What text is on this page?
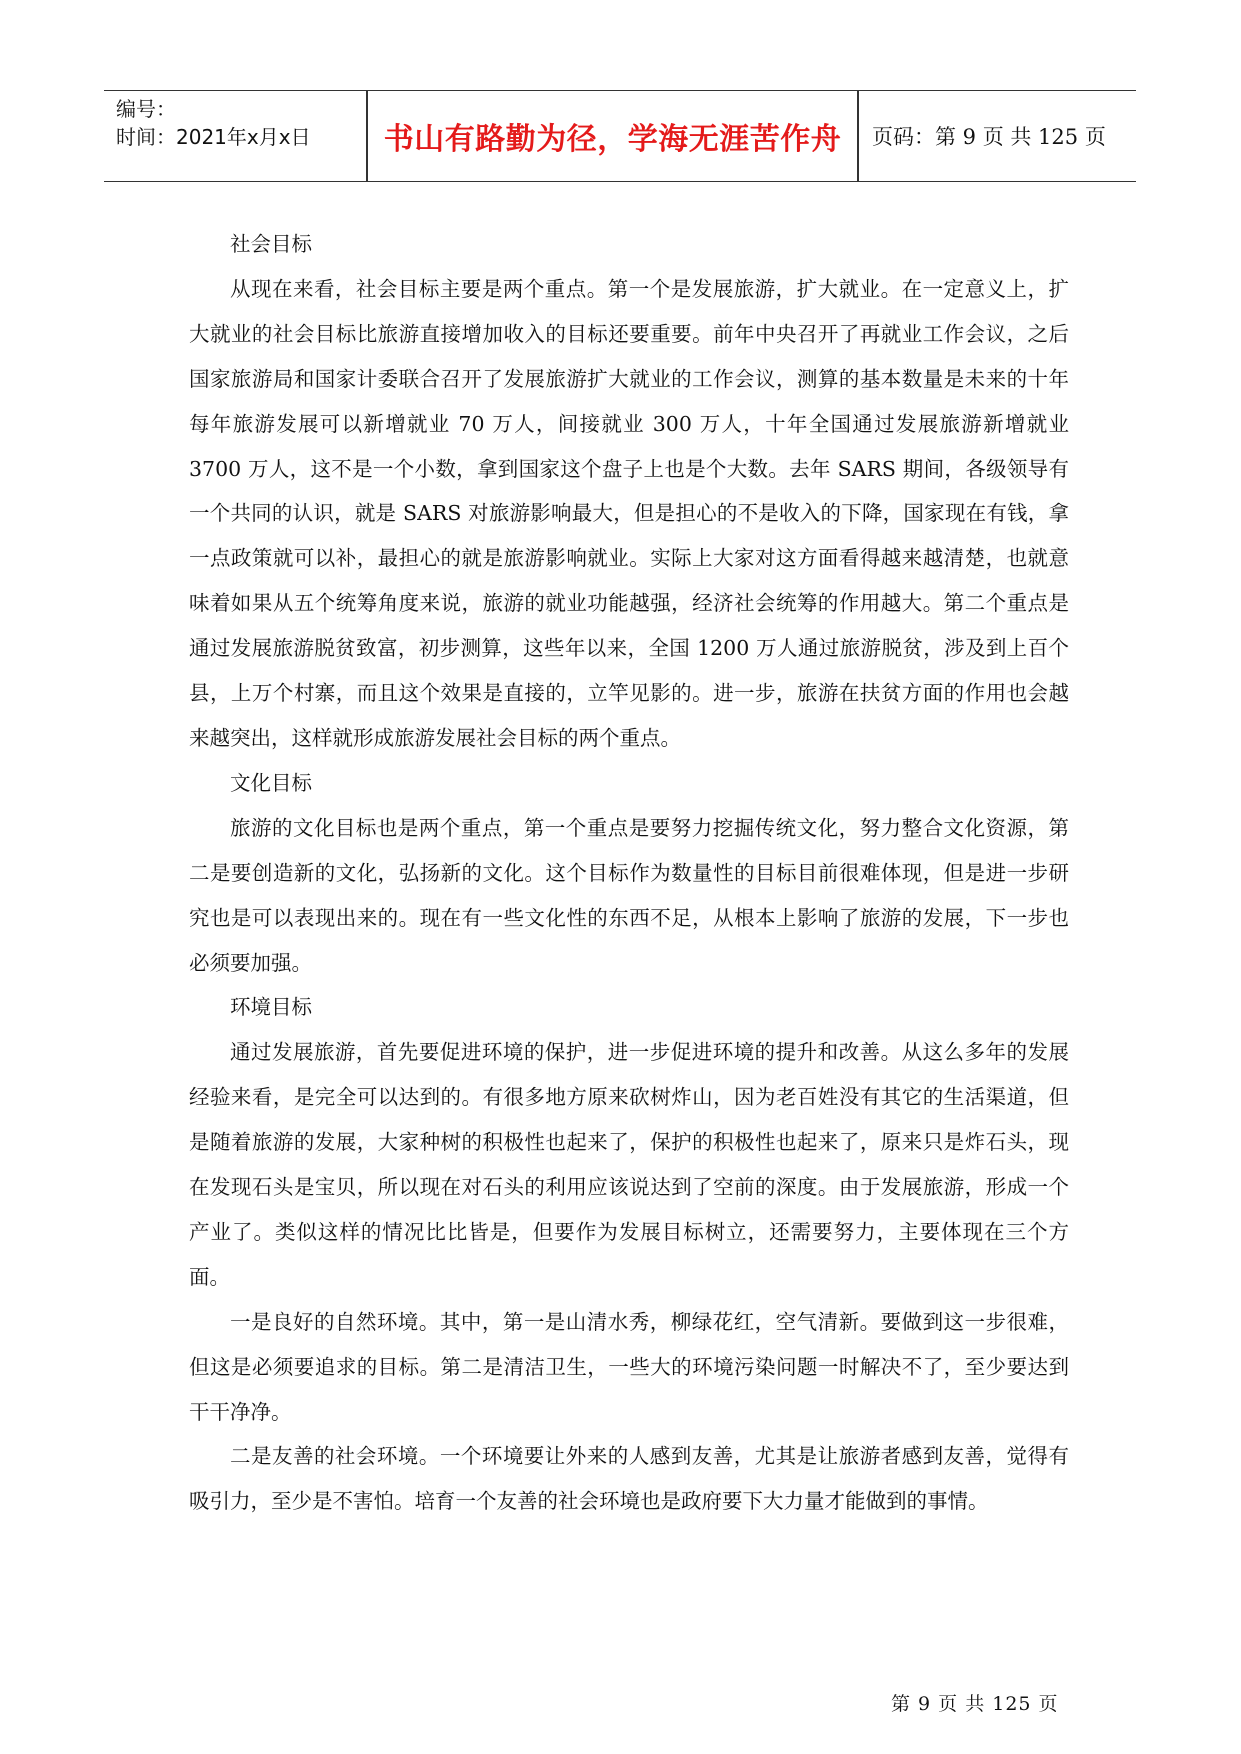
编号：
时间：2021年x月x日	书山有路勤为径，学海无涯苦作舟	页码：第 9 页 共 125 页

社会目标

从现在来看，社会目标主要是两个重点。第一个是发展旅游，扩大就业。在一定意义上，扩大就业的社会目标比旅游直接增加收入的目标还要重要。前年中央召开了再就业工作会议，之后国家旅游局和国家计委联合召开了发展旅游扩大就业的工作会议，测算的基本数量是未来的十年每年旅游发展可以新增就业 70 万人，间接就业 300 万人，十年全国通过发展旅游新增就业 3700 万人，这不是一个小数，拿到国家这个盘子上也是个大数。去年 SARS 期间，各级领导有一个共同的认识，就是 SARS 对旅游影响最大，但是担心的不是收入的下降，国家现在有钱，拿一点政策就可以补，最担心的就是旅游影响就业。实际上大家对这方面看得越来越清楚，也就意味着如果从五个统筹角度来说，旅游的就业功能越强，经济社会统筹的作用越大。第二个重点是通过发展旅游脱贫致富，初步测算，这些年以来，全国 1200 万人通过旅游脱贫，涉及到上百个县，上万个村寨，而且这个效果是直接的，立竿见影的。进一步，旅游在扶贫方面的作用也会越来越突出，这样就形成旅游发展社会目标的两个重点。

文化目标

旅游的文化目标也是两个重点，第一个重点是要努力挖掘传统文化，努力整合文化资源，第二是要创造新的文化，弘扬新的文化。这个目标作为数量性的目标目前很难体现，但是进一步研究也是可以表现出来的。现在有一些文化性的东西不足，从根本上影响了旅游的发展，下一步也必须要加强。

环境目标

通过发展旅游，首先要促进环境的保护，进一步促进环境的提升和改善。从这么多年的发展经验来看，是完全可以达到的。有很多地方原来砍树炸山，因为老百姓没有其它的生活渠道，但是随着旅游的发展，大家种树的积极性也起来了，保护的积极性也起来了，原来只是炸石头，现在发现石头是宝贝，所以现在对石头的利用应该说达到了空前的深度。由于发展旅游，形成一个产业了。类似这样的情况比比皆是，但要作为发展目标树立，还需要努力，主要体现在三个方面。

一是良好的自然环境。其中，第一是山清水秀，柳绿花红，空气清新。要做到这一步很难，但这是必须要追求的目标。第二是清洁卫生，一些大的环境污染问题一时解决不了，至少要达到干干净净。

二是友善的社会环境。一个环境要让外来的人感到友善，尤其是让旅游者感到友善，觉得有吸引力，至少是不害怕。培育一个友善的社会环境也是政府要下大力量才能做到的事情。

第 9 页 共 125 页
